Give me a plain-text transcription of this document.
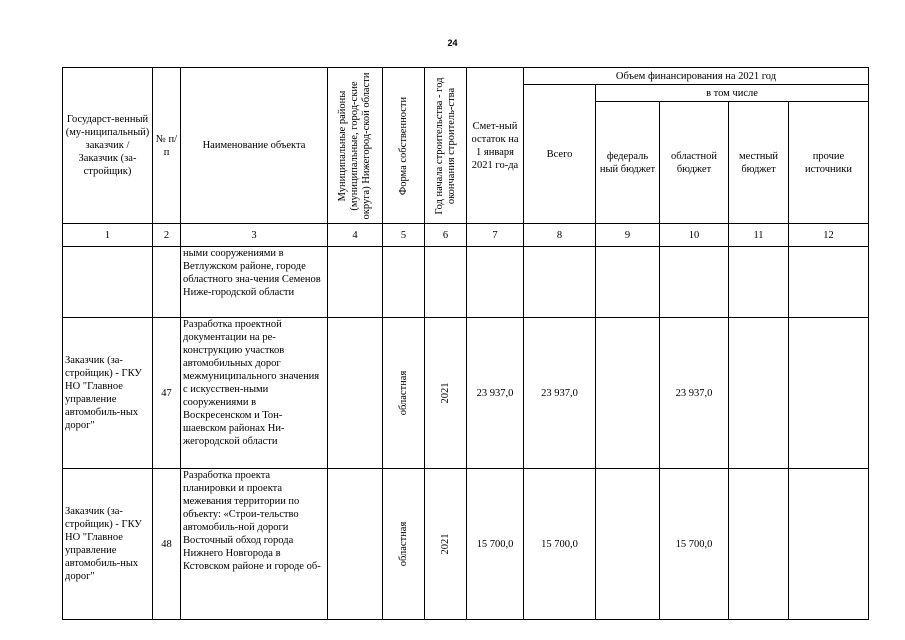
24
Государст-венный (му-ниципальный) заказчик / Заказчик (за-стройщик)	№ п/ п	Наименование объекта	Муниципальные районы (муниципальные, город-ские округа) Нижегород-ской области	Форма собственности	Год начала строительства - год окончания строитель-ства	Смет-ный остаток на 1 января 2021 го-да	Объем финансирования на 2021 год				
							Всего	в том числе			
								федераль ный бюджет	областной бюджет	местный бюджет	прочие источники
1	2	3	4	5	6	7	8	9	10	11	12
		ными сооружениями в Ветлужском районе, городе областного зна-чения Семенов Ниже-городской области									
Заказчик (за-стройщик) - ГКУ НО "Главное управление автомобиль-ных дорог"	47	Разработка проектной документации на ре-конструкцию участков автомобильных дорог межмуниципального значения с искусствен-ными сооружениями в Воскресенском и Тон-шаевском районах Ни-жегородской области		областная	2021	23 937,0	23 937,0		23 937,0		
Заказчик (за-стройщик) - ГКУ НО "Главное управление автомобиль-ных дорог"	48	Разработка проекта планировки и проекта межевания территории по объекту: «Строи-тельство автомобиль-ной дороги Восточный обход города Нижнего Новгорода в Кстовском районе и городе об-		областная	2021	15 700,0	15 700,0		15 700,0		
